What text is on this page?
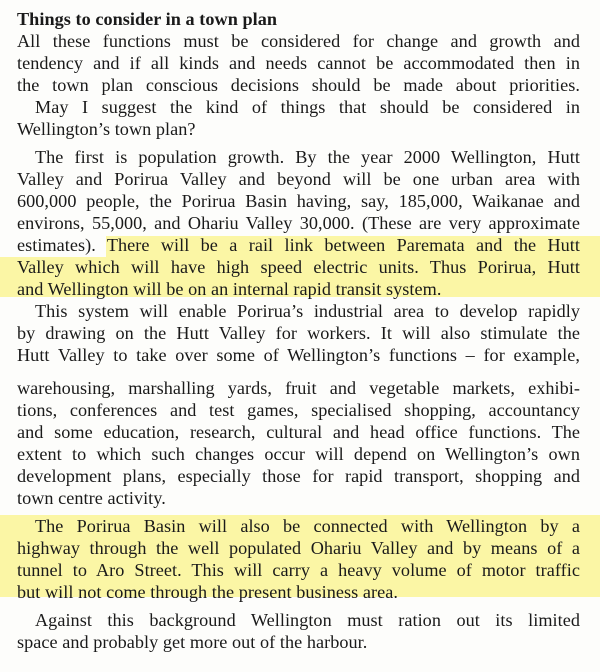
Things to consider in a town plan
All these functions must be considered for change and growth and
tendency and if all kinds and needs cannot be accommodated then in
the town plan conscious decisions should be made about priorities.
May I suggest the kind of things that should be considered in
Wellington’s town plan?
The first is population growth. By the year 2000 Wellington, Hutt
Valley and Porirua Valley and beyond will be one urban area with
600,000 people, the Porirua Basin having, say, 185,000, Waikanae and
environs, 55,000, and Ohariu Valley 30,000. (These are very approximate
estimates). There will be a rail link between Paremata and the Hutt
Valley which will have high speed electric units. Thus Porirua, Hutt
and Wellington will be on an internal rapid transit system.
This system will enable Porirua’s industrial area to develop rapidly
by drawing on the Hutt Valley for workers. It will also stimulate the
Hutt Valley to take over some of Wellington’s functions – for example,
warehousing, marshalling yards, fruit and vegetable markets, exhibi-
tions, conferences and test games, specialised shopping, accountancy
and some education, research, cultural and head office functions. The
extent to which such changes occur will depend on Wellington’s own
development plans, especially those for rapid transport, shopping and
town centre activity.
The Porirua Basin will also be connected with Wellington by a
highway through the well populated Ohariu Valley and by means of a
tunnel to Aro Street. This will carry a heavy volume of motor traffic
but will not come through the present business area.
Against this background Wellington must ration out its limited
space and probably get more out of the harbour.
